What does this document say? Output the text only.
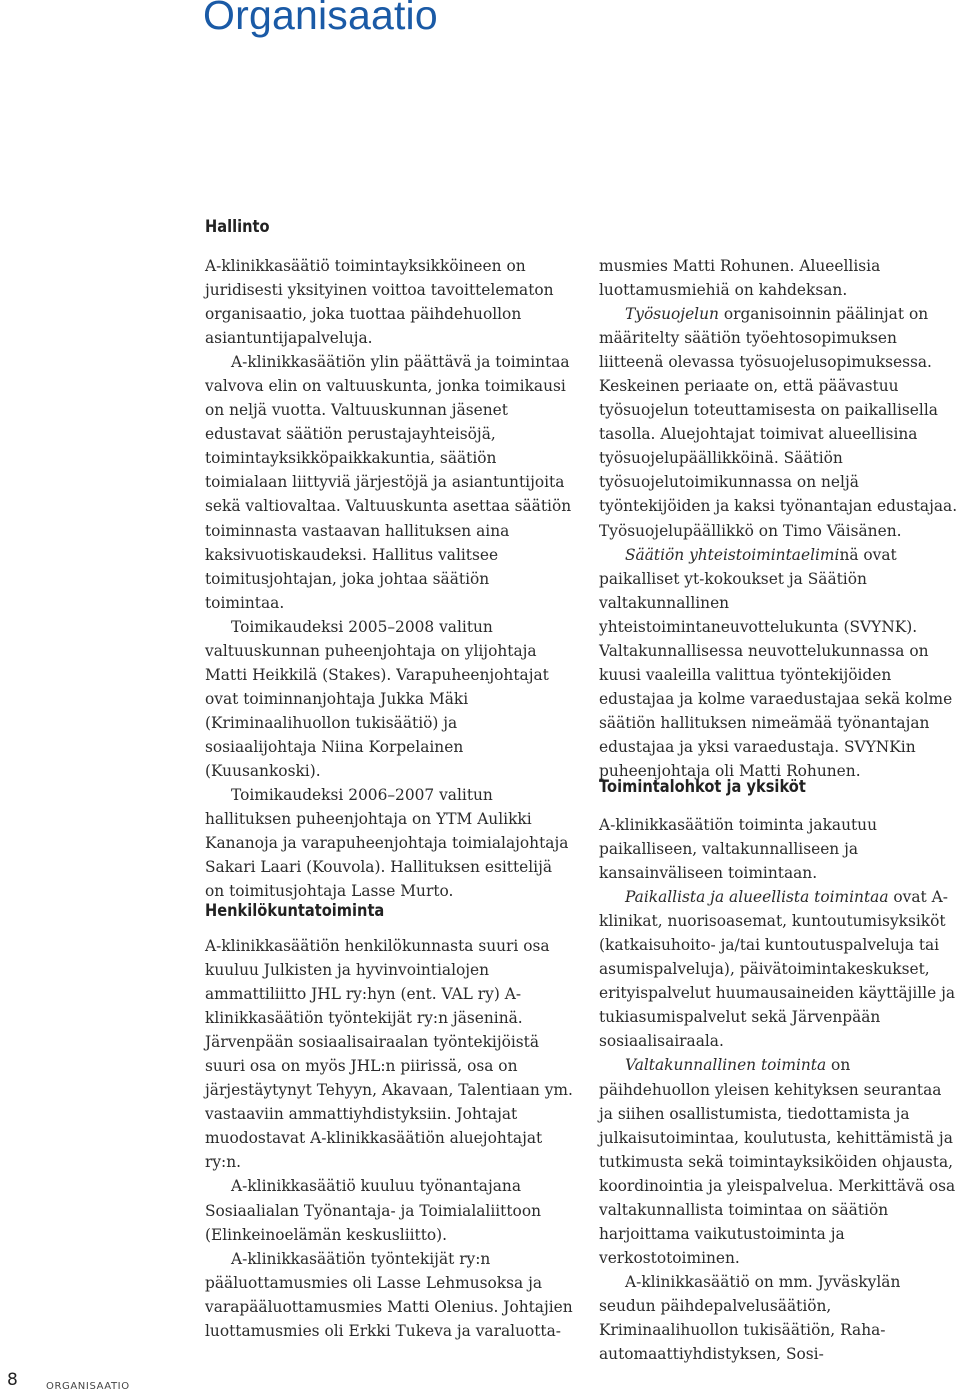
Organisaatio
Hallinto

A-klinikkasäätiö toimintayksikköineen on juridisesti yksityinen voittoa tavoittelematon organisaatio, joka tuottaa päihdehuollon asiantuntijapalveluja.

A-klinikkasäätiön ylin päättävä ja toimintaa valvova elin on valtuuskunta, jonka toimikausi on neljä vuotta. Valtuuskunnan jäsenet edustavat säätiön perustajayhteisöjä, toimintayksikköpaikkakuntia, säätiön toimialaan liittyviä järjestöjä ja asiantuntijoita sekä valtiovaltaa. Valtuuskunta asettaa säätiön toiminnasta vastaavan hallituksen aina kaksivuotiskaudeksi. Hallitus valitsee toimitusjohtajan, joka johtaa säätiön toimintaa.

Toimikaudeksi 2005–2008 valitun valtuuskunnan puheenjohtaja on ylijohtaja Matti Heikkilä (Stakes). Varapuheenjohtajat ovat toiminnanjohtaja Jukka Mäki (Kriminaalihuollon tukisäätiö) ja sosiaalijohtaja Niina Korpelainen (Kuusankoski).

Toimikaudeksi 2006–2007 valitun hallituksen puheenjohtaja on YTM Aulikki Kananoja ja varapuheenjohtaja toimialajohtaja Sakari Laari (Kouvola). Hallituksen esittelijä on toimitusjohtaja Lasse Murto.

Henkilökuntatoiminta

A-klinikkasäätiön henkilökunnasta suuri osa kuuluu Julkisten ja hyvinvointialojen ammattiliitto JHL ry:hyn (ent. VAL ry) A-klinikkasäätiön työntekijät ry:n jäseninä. Järvenpään sosiaalisairaalan työntekijöistä suuri osa on myös JHL:n piirissä, osa on järjestäytynyt Tehyyn, Akavaan, Talentiaan ym. vastaaviin ammattiyhdistyksiin. Johtajat muodostavat A-klinikkasäätiön aluejohtajat ry:n.

A-klinikkasäätiö kuuluu työnantajana Sosiaalialan Työnantaja- ja Toimialaliittoon (Elinkeinoelämän keskusliitto).

A-klinikkasäätiön työntekijät ry:n pääluottamusmies oli Lasse Lehmusoksa ja varapääluottamusmies Matti Olenius. Johtajien luottamusmies oli Erkki Tukeva ja varaluotta-

musmies Matti Rohunen. Alueellisia luottamusmiehiä on kahdeksan.

Työsuojelun organisoinnin päälinjat on määritelty säätiön työehtosopimuksen liitteenä olevassa työsuojelusopimuksessa. Keskeinen periaate on, että päävastuu työsuojelun toteuttamisesta on paikallisella tasolla. Aluejohtajat toimivat alueellisina työsuojelupäällikköinä. Säätiön työsuojelutoimikunnassa on neljä työntekijöiden ja kaksi työnantajan edustajaa. Työsuojelupäällikkö on Timo Väisänen.

Säätiön yhteistoimintaeliminä ovat paikalliset yt-kokoukset ja Säätiön valtakunnallinen yhteistoimintaneuvottelukunta (SVYNK). Valtakunnallisessa neuvottelukunnassa on kuusi vaaleilla valittua työntekijöiden edustajaa ja kolme varaedustajaa sekä kolme säätiön hallituksen nimeämää työnantajan edustajaa ja yksi varaedustaja. SVYNKin puheenjohtaja oli Matti Rohunen.

Toimintalohkot ja yksiköt

A-klinikkasäätiön toiminta jakautuu paikalliseen, valtakunnalliseen ja kansainväliseen toimintaan.

Paikallista ja alueellista toimintaa ovat A-klinikat, nuorisoasemat, kuntoutumisyksiköt (katkaisuhoito- ja/tai kuntoutuspalveluja tai asumispalveluja), päivätoimintakeskukset, erityispalvelut huumausaineiden käyttäjille ja tukiasumispalvelut sekä Järvenpään sosiaalisairaala.

Valtakunnallinen toiminta on päihdehuollon yleisen kehityksen seurantaa ja siihen osallistumista, tiedottamista ja julkaisutoimintaa, koulutusta, kehittämistä ja tutkimusta sekä toimintayksiköiden ohjausta, koordinointia ja yleispalvelua. Merkittävä osa valtakunnallista toimintaa on säätiön harjoittama vaikutustoiminta ja verkostotoiminen.

A-klinikkasäätiö on mm. Jyväskylän seudun päihdepalvelusäätiön, Kriminaalihuollon tukisäätiön, Raha-automaattiyhdistyksen, Sosi-

8	ORGANISAATIO
